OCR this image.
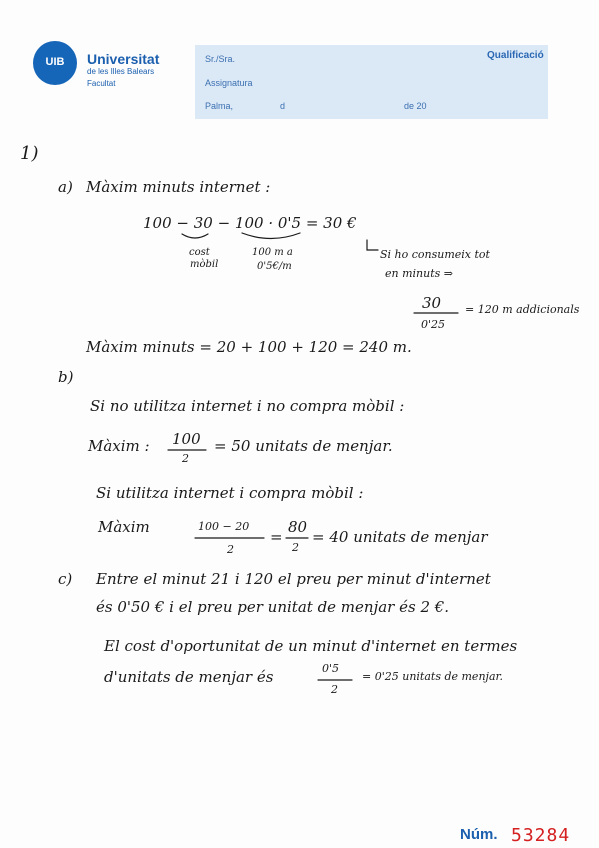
UIB	Universitat
de les Illes Balears
Facultat
Sr./Sra.
Assignatura
Palma,	d	de 20
Qualificació
1)
a) Màxim minuts internet :
100 − 30 − 100 · 0'5 = 30 €
cost
mòbil
100 m a
0'5€/m
Si ho consumeix tot
en minuts ⇒
30
0'25
= 120 m addicionals
Màxim minuts = 20 + 100 + 120 = 240 m.
b)
Si no utilitza internet i no compra mòbil :
Màxim : 100
2
= 50 unitats de menjar.
Si utilitza internet i compra mòbil :
Màxim	100 − 20
2
=
80
2
= 40 unitats de menjar
c) Entre el minut 21 i 120 el preu per minut d'internet
és 0'50 € i el preu per unitat de menjar és 2 €.
El cost d'oportunitat de un minut d'internet en termes
d'unitats de menjar és	0'5
2
= 0'25 unitats de menjar.
Núm. 53284
